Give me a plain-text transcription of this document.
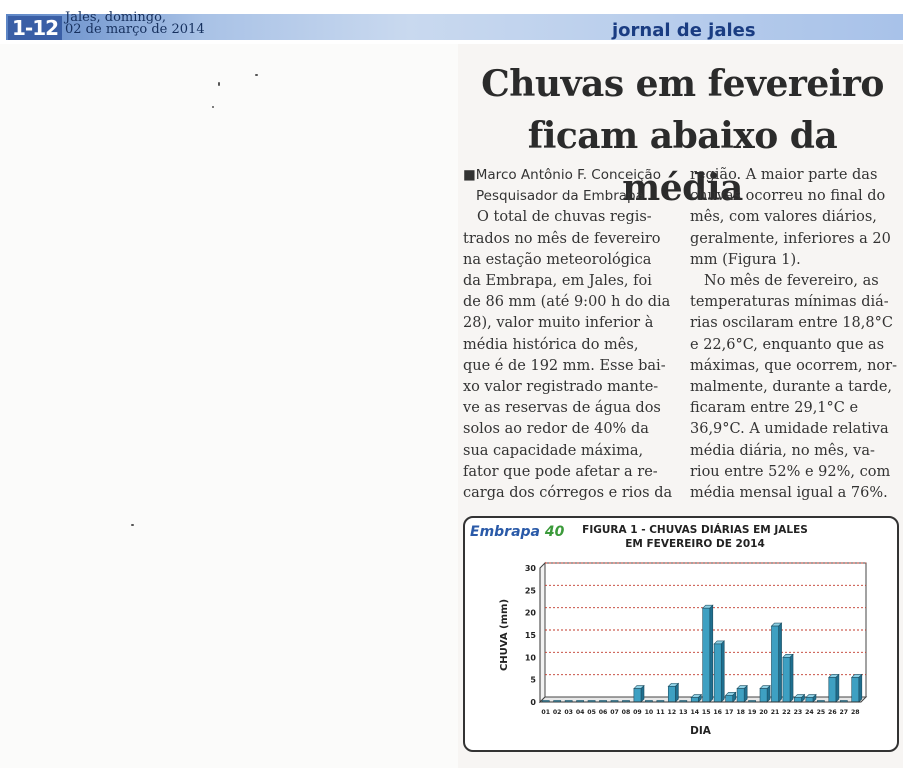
1-12 Jales, domingo,
02 de março de 2014	jornal de jales
Chuvas em fevereiro
ficam abaixo da média
■Marco Antônio F. Conceição
Pesquisador da Embrapa
O total de chuvas regis-
trados no mês de fevereiro
na estação meteorológica
da Embrapa, em Jales, foi
de 86 mm (até 9:00 h do dia
28), valor muito inferior à
média histórica do mês,
que é de 192 mm. Esse bai-
xo valor registrado mante-
ve as reservas de água dos
solos ao redor de 40% da
sua capacidade máxima,
fator que pode afetar a re-
carga dos córregos e rios da
região. A maior parte das
chuvas ocorreu no final do
mês, com valores diários,
geralmente, inferiores a 20
mm (Figura 1).
No mês de fevereiro, as
temperaturas mínimas diá-
rias oscilaram entre 18,8°C
e 22,6°C, enquanto que as
máximas, que ocorrem, nor-
malmente, durante a tarde,
ficaram entre 29,1°C e
36,9°C. A umidade relativa
média diária, no mês, va-
riou entre 52% e 92%, com
média mensal igual a 76%.
Embrapa 40	FIGURA 1 - CHUVAS DIÁRIAS EM JALES
EM FEVEREIRO DE 2014
0
5
10
15
20
25
30
01 02 03 04 05 06 07 08 09 10 11 12 13 14 15 16 17 18 19 20 21 22 23 24 25 26 27 28
CHUVA (mm)
DIA
